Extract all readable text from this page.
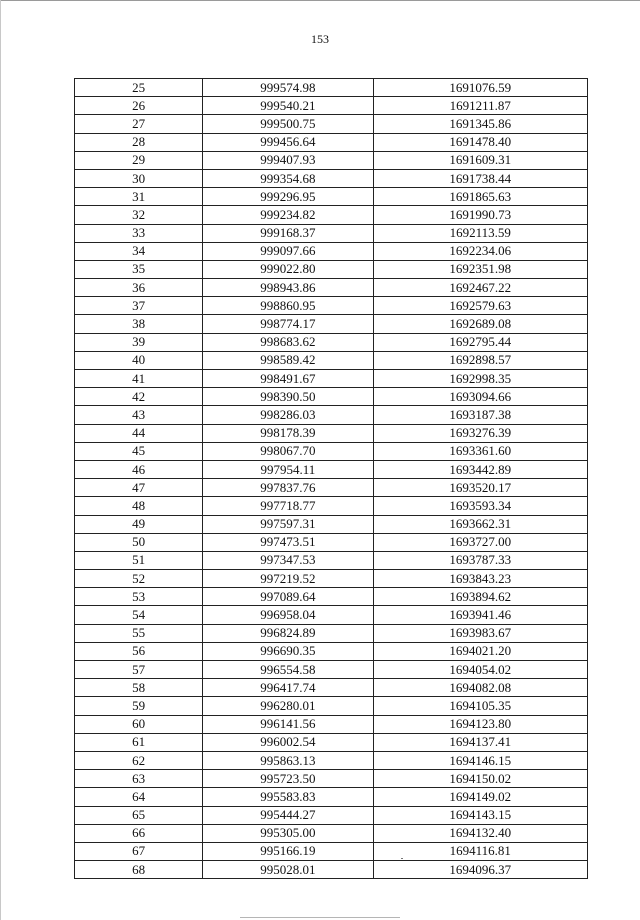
153
25	999574.98	1691076.59
26	999540.21	1691211.87
27	999500.75	1691345.86
28	999456.64	1691478.40
29	999407.93	1691609.31
30	999354.68	1691738.44
31	999296.95	1691865.63
32	999234.82	1691990.73
33	999168.37	1692113.59
34	999097.66	1692234.06
35	999022.80	1692351.98
36	998943.86	1692467.22
37	998860.95	1692579.63
38	998774.17	1692689.08
39	998683.62	1692795.44
40	998589.42	1692898.57
41	998491.67	1692998.35
42	998390.50	1693094.66
43	998286.03	1693187.38
44	998178.39	1693276.39
45	998067.70	1693361.60
46	997954.11	1693442.89
47	997837.76	1693520.17
48	997718.77	1693593.34
49	997597.31	1693662.31
50	997473.51	1693727.00
51	997347.53	1693787.33
52	997219.52	1693843.23
53	997089.64	1693894.62
54	996958.04	1693941.46
55	996824.89	1693983.67
56	996690.35	1694021.20
57	996554.58	1694054.02
58	996417.74	1694082.08
59	996280.01	1694105.35
60	996141.56	1694123.80
61	996002.54	1694137.41
62	995863.13	1694146.15
63	995723.50	1694150.02
64	995583.83	1694149.02
65	995444.27	1694143.15
66	995305.00	1694132.40
67	995166.19	1694116.81
68	995028.01	1694096.37
